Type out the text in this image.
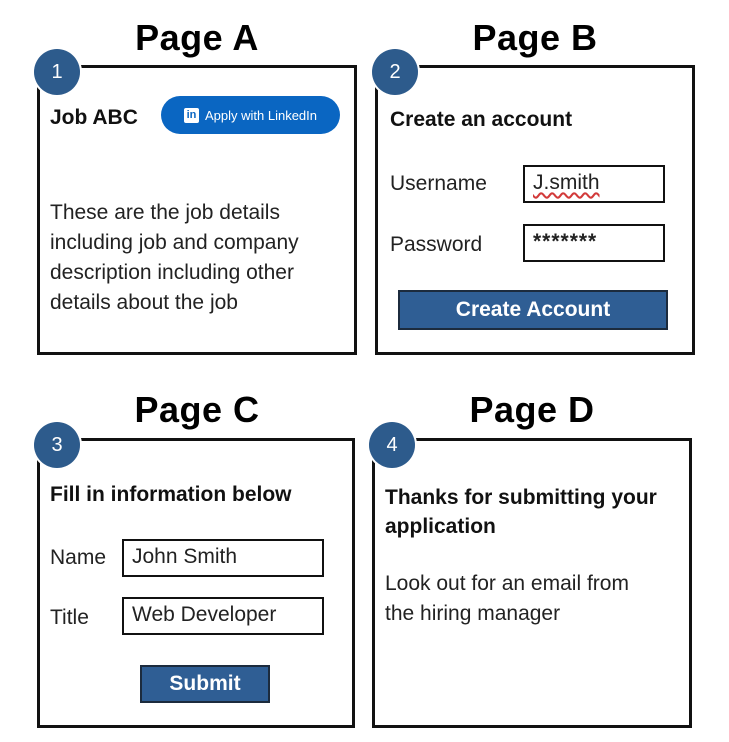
Page A
Job ABC	in Apply with LinkedIn
These are the job details
including job and company
description including other
details about the job
1
Page B
Create an account
Username	J.smith
Password	*******
Create Account
2
Page C
Fill in information below
Name	John Smith
Title	Web Developer
Submit
3
Page D
Thanks for submitting your
application
Look out for an email from
the hiring manager
4
